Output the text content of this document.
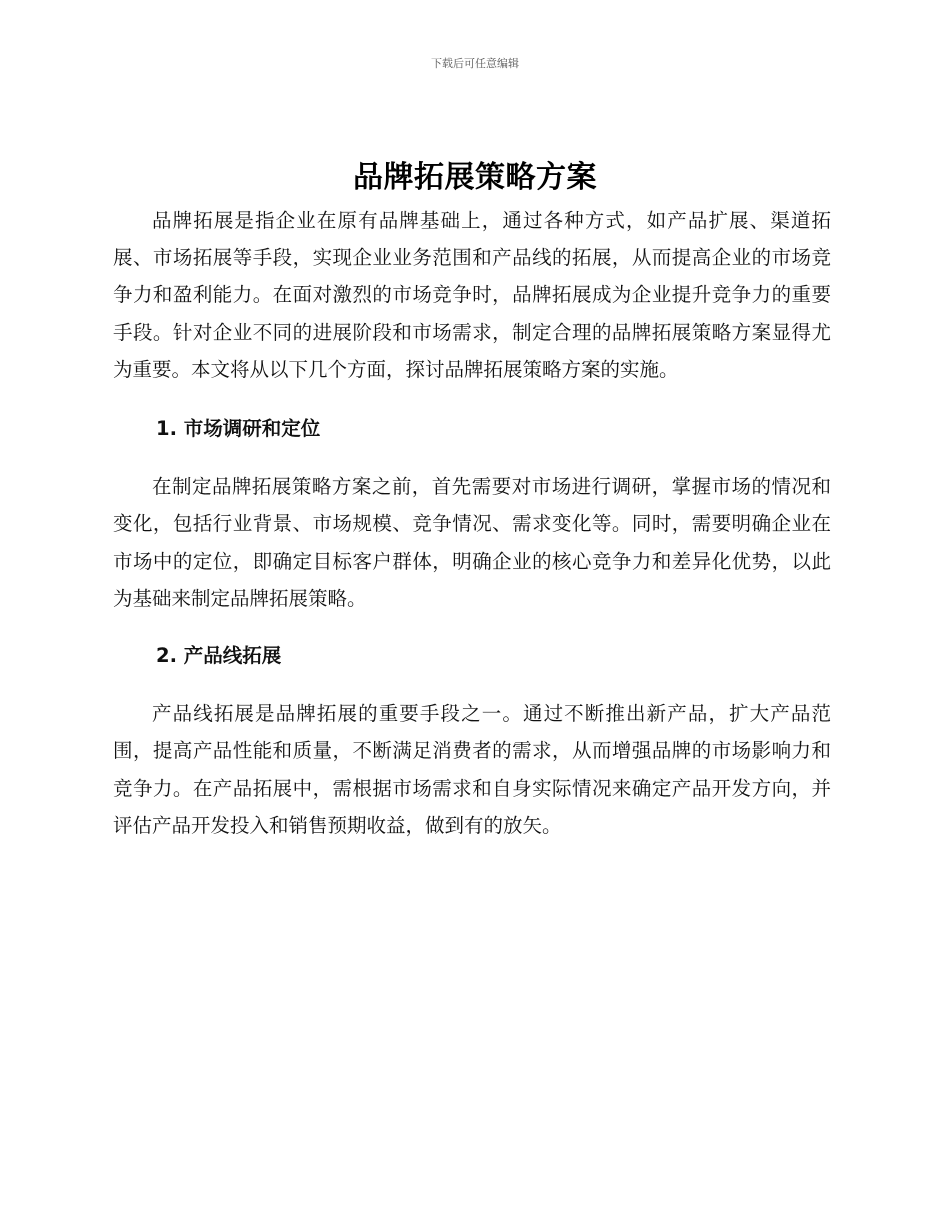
下载后可任意编辑
品牌拓展策略方案

品牌拓展是指企业在原有品牌基础上，通过各种方式，如产品扩展、渠道拓展、市场拓展等手段，实现企业业务范围和产品线的拓展，从而提高企业的市场竞争力和盈利能力。在面对激烈的市场竞争时，品牌拓展成为企业提升竞争力的重要手段。针对企业不同的进展阶段和市场需求，制定合理的品牌拓展策略方案显得尤为重要。本文将从以下几个方面，探讨品牌拓展策略方案的实施。

1. 市场调研和定位

在制定品牌拓展策略方案之前，首先需要对市场进行调研，掌握市场的情况和变化，包括行业背景、市场规模、竞争情况、需求变化等。同时，需要明确企业在市场中的定位，即确定目标客户群体，明确企业的核心竞争力和差异化优势，以此为基础来制定品牌拓展策略。

2. 产品线拓展

产品线拓展是品牌拓展的重要手段之一。通过不断推出新产品，扩大产品范围，提高产品性能和质量，不断满足消费者的需求，从而增强品牌的市场影响力和竞争力。在产品拓展中，需根据市场需求和自身实际情况来确定产品开发方向，并评估产品开发投入和销售预期收益，做到有的放矢。
